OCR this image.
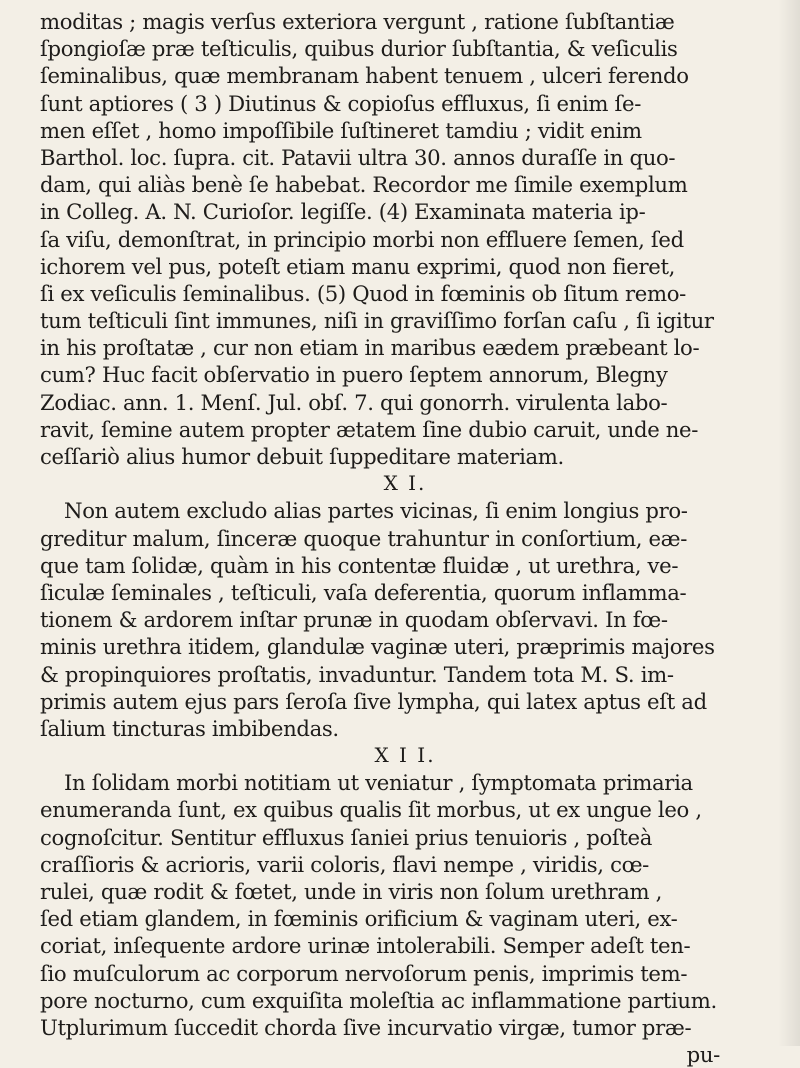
moditas ; magis verſus exteriora vergunt , ratione ſubſtantiæ
ſpongioſæ præ teſticulis, quibus durior ſubſtantia, & veſiculis
ſeminalibus, quæ membranam habent tenuem , ulceri ferendo
ſunt aptiores ( 3 ) Diutinus & copioſus effluxus, ſi enim ſe-
men eſſet , homo impoſſibile ſuſtineret tamdiu ; vidit enim
Barthol. loc. ſupra. cit. Patavii ultra 30. annos duraſſe in quo-
dam, qui aliàs benè ſe habebat. Recordor me ſimile exemplum
in Colleg. A. N. Curioſor. legiſſe. (4) Examinata materia ip-
ſa viſu, demonſtrat, in principio morbi non effluere ſemen, ſed
ichorem vel pus, poteſt etiam manu exprimi, quod non fieret,
ſi ex veſiculis ſeminalibus. (5) Quod in fœminis ob ſitum remo-
tum teſticuli ſint immunes, niſi in graviſſimo forſan caſu , ſi igitur
in his proſtatæ , cur non etiam in maribus eædem præbeant lo-
cum? Huc facit obſervatio in puero ſeptem annorum, Blegny
Zodiac. ann. 1. Menſ. Jul. obſ. 7. qui gonorrh. virulenta labo-
ravit, ſemine autem propter ætatem ſine dubio caruit, unde ne-
ceſſariò alius humor debuit ſuppeditare materiam.
X I.
Non autem excludo alias partes vicinas, ſi enim longius pro-
greditur malum, ſinceræ quoque trahuntur in conſortium, eæ-
que tam ſolidæ, quàm in his contentæ fluidæ , ut urethra, ve-
ſiculæ ſeminales , teſticuli, vaſa deferentia, quorum inflamma-
tionem & ardorem inſtar prunæ in quodam obſervavi. In fœ-
minis urethra itidem, glandulæ vaginæ uteri, præprimis majores
& propinquiores proſtatis, invaduntur. Tandem tota M. S. im-
primis autem ejus pars ſeroſa ſive lympha, qui latex aptus eſt ad
ſalium tincturas imbibendas.
X I I.
In ſolidam morbi notitiam ut veniatur , ſymptomata primaria
enumeranda ſunt, ex quibus qualis ſit morbus, ut ex ungue leo ,
cognoſcitur. Sentitur effluxus ſaniei prius tenuioris , poſteà
craſſioris & acrioris, varii coloris, flavi nempe , viridis, cœ-
rulei, quæ rodit & fœtet, unde in viris non ſolum urethram ,
ſed etiam glandem, in fœminis orificium & vaginam uteri, ex-
coriat, inſequente ardore urinæ intolerabili. Semper adeſt ten-
ſio muſculorum ac corporum nervoſorum penis, imprimis tem-
pore nocturno, cum exquiſita moleſtia ac inflammatione partium.
Utplurimum ſuccedit chorda ſive incurvatio virgæ, tumor præ-
pu-
